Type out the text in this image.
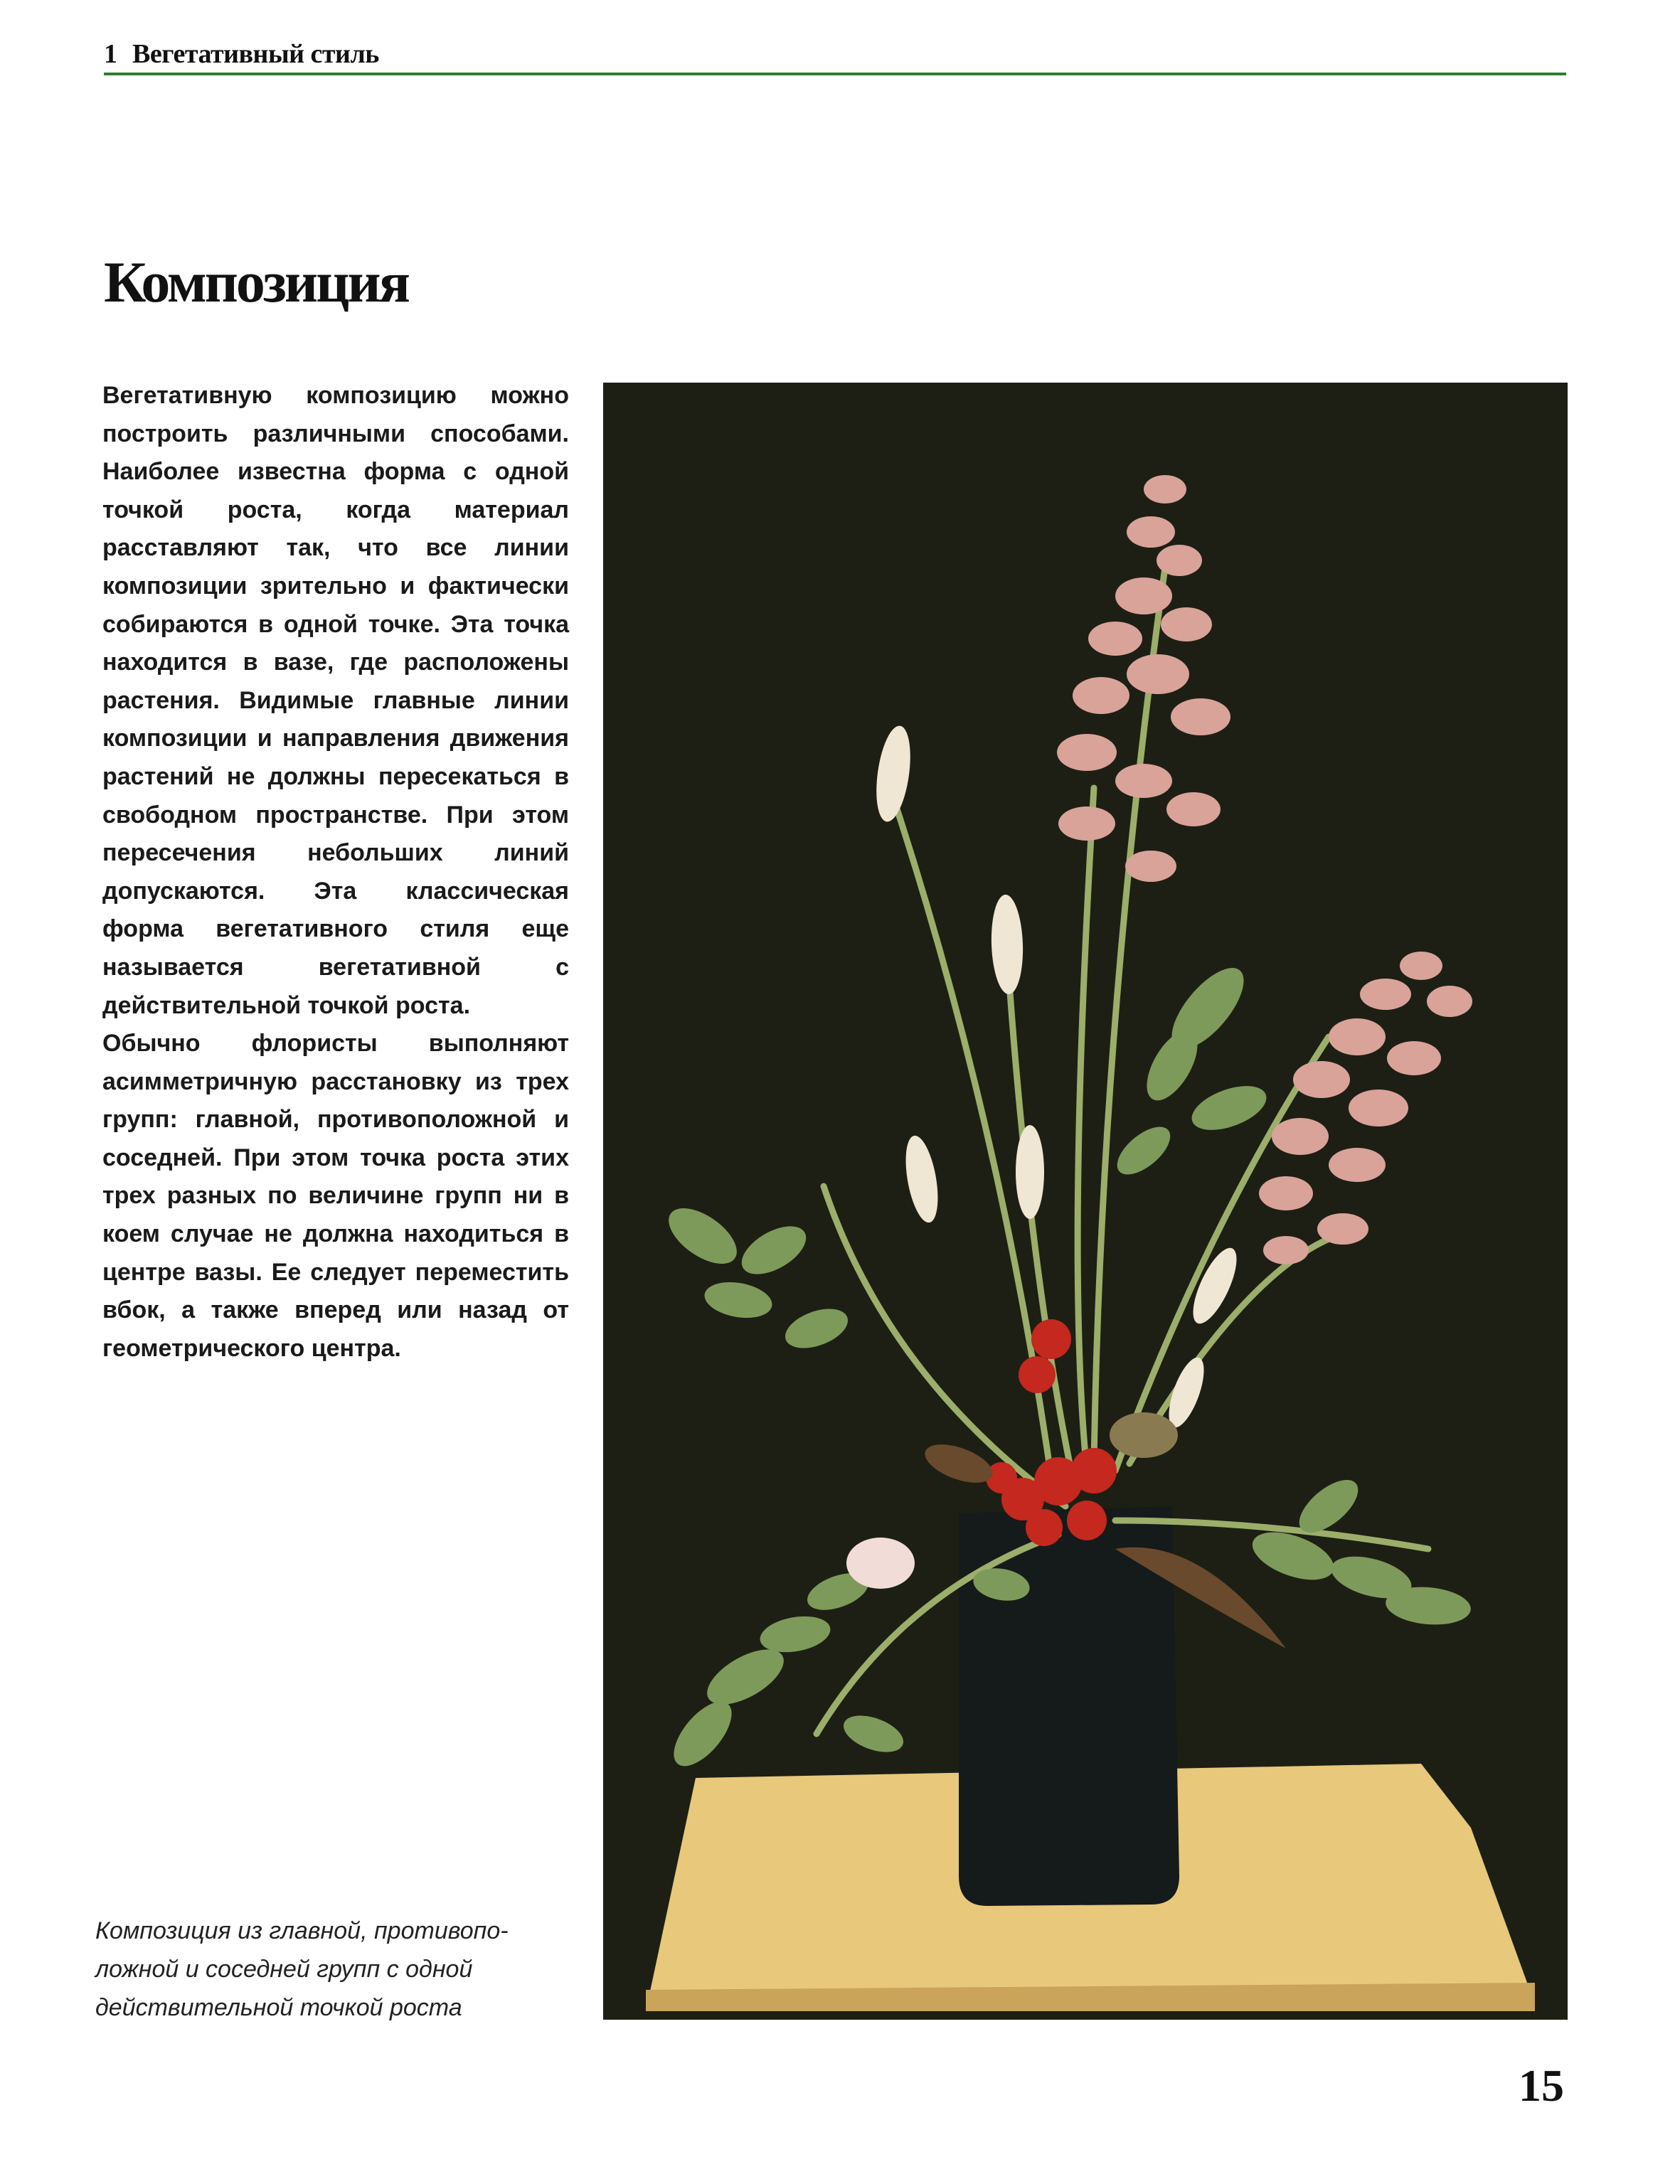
1 Вегетативный стиль
Композиция

Вегетативную композицию можно построить различными способами. Наиболее известна форма с одной точкой роста, когда материал расставляют так, что все линии композиции зрительно и фактически собираются в одной точке. Эта точка находится в вазе, где расположены растения. Видимые главные линии композиции и направления движения растений не должны пересекаться в свободном пространстве. При этом пересечения небольших линий допускаются. Эта классическая форма вегетативного стиля еще называется вегетативной с действительной точкой роста.

Обычно флористы выполняют асимметричную расстановку из трех групп: главной, противоположной и соседней. При этом точка роста этих трех разных по величине групп ни в коем случае не должна находиться в центре вазы. Ее следует переместить вбок, а также вперед или назад от геометрического центра.

Композиция из главной, противопо-
ложной и соседней групп с одной
действительной точкой роста
15
